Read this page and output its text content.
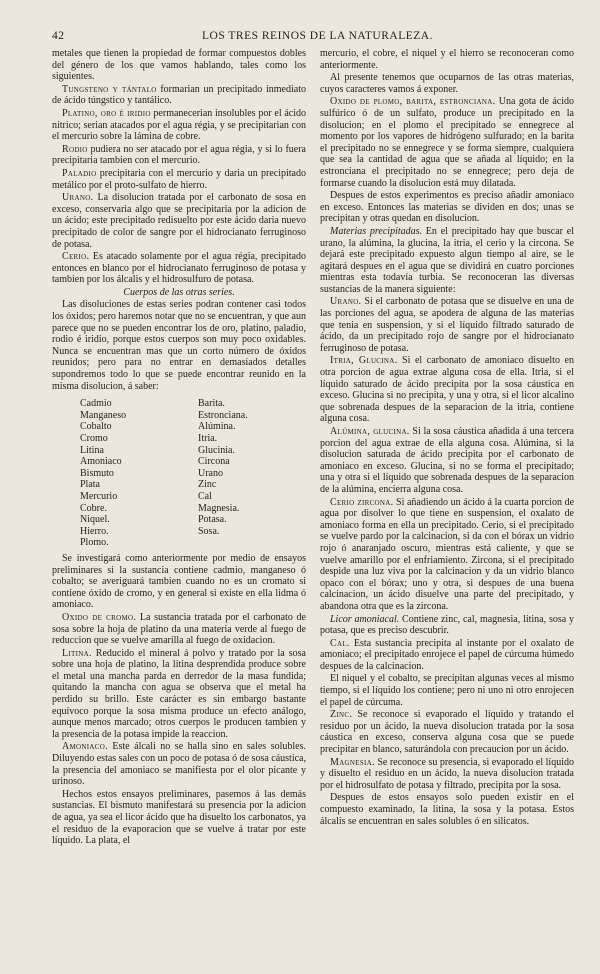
42	LOS TRES REINOS DE LA NATURALEZA.

metales que tienen la propiedad de formar compuestos dobles del género de los que vamos hablando, tales como los siguientes.

Tungsteno y tántalo formarian un precipitado inmediato de ácido túngstico y tantálico.

Platino, oro é iridio permanecerian insolubles por el ácido nítrico; serian atacados por el agua régia, y se precipitarian con el mercurio sobre la lámina de cobre.

Rodio pudiera no ser atacado por el agua régia, y si lo fuera precipitaria tambien con el mercurio.

Paladio precipitaria con el mercurio y daria un precipitado metálico por el proto-sulfato de hierro.

Urano. La disolucion tratada por el carbonato de sosa en exceso, conservaria algo que se precipitaria por la adicion de un ácido; este precipitado redisuelto por este ácido daria nuevo precipitado de color de sangre por el hidrocianato ferruginoso de potasa.

Cerio. Es atacado solamente por el agua régia, precipitado entonces en blanco por el hidrocianato ferruginoso de potasa y tambien por los álcalis y el hidrosulfuro de potasa.

Cuerpos de las otras series.

Las disoluciones de estas series podran contener casi todos los óxidos; pero haremos notar que no se encuentran, y que aun parece que no se pueden encontrar los de oro, platino, paladio, rodio é iridio, porque estos cuerpos son muy poco oxidables. Nunca se encuentran mas que un corto número de óxidos reunidos; pero para no entrar en demasiados detalles supondremos todo lo que se puede encontrar reunido en la misma disolucion, á saber:

Cadmio
Manganeso
Cobalto
Cromo
Litina
Amoniaco
Bismuto
Plata
Mercurio
Cobre.
Niquel.
Hierro.
Plomo.
Barita.
Estronciana.
Alúmina.
Itria.
Glucinia.
Circona
Urano
Zinc
Cal
Magnesia.
Potasa.
Sosa.

Se investigará como anteriormente por medio de ensayos preliminares si la sustancia contiene cadmio, manganeso ó cobalto; se averiguará tambien cuando no es un cromato si contiene óxido de cromo, y en general si existe en ella lidma ó amoniaco.

Oxido de cromo. La sustancia tratada por el carbonato de sosa sobre la hoja de platino da una materia verde al fuego de reduccion que se vuelve amarilla al fuego de oxidacion.

Litina. Reducido el mineral á polvo y tratado por la sosa sobre una hoja de platino, la litina desprendida produce sobre el metal una mancha parda en derredor de la masa fundida; quitando la mancha con agua se observa que el metal ha perdido su brillo. Este carácter es sin embargo bastante equívoco porque la sosa misma produce un efecto análogo, aunque menos marcado; otros cuerpos le producen tambien y la presencia de la potasa impide la reaccion.

Amoniaco. Este álcali no se halla sino en sales solubles. Diluyendo estas sales con un poco de potasa ó de sosa cáustica, la presencia del amoniaco se manifiesta por el olor picante y urinoso.

Hechos estos ensayos preliminares, pasemos á las demás sustancias. El bismuto manifestará su presencia por la adicion de agua, ya sea el licor ácido que ha disuelto los carbonatos, ya el residuo de la evaporacion que se vuelve á tratar por este líquido. La plata, el

mercurio, el cobre, el niquel y el hierro se reconoceran como anteriormente.

Al presente tenemos que ocuparnos de las otras materias, cuyos caracteres vamos á exponer.

Oxido de plomo, barita, estronciana. Una gota de ácido sulfúrico ó de un sulfato, produce un precipitado en la disolucion; en el plomo el precipitado se ennegrece al momento por los vapores de hidrógeno sulfurado; en la barita el precipitado no se ennegrece y se forma siempre, cualquiera que sea la cantidad de agua que se añada al líquido; en la estronciana el precipitado no se ennegrece; pero deja de formarse cuando la disolucion está muy dilatada.

Despues de estos experimentos es preciso añadir amoniaco en exceso. Entonces las materias se dividen en dos; unas se precipitan y otras quedan en disolucion.

Materias precipitadas. En el precipitado hay que buscar el urano, la alúmina, la glucina, la itria, el cerio y la circona. Se dejará este precipitado expuesto algun tiempo al aire, se le agitará despues en el agua que se dividirá en cuatro porciones mientras esta todavía turbia. Se reconoceran las diversas sustancias de la manera siguiente:

Urano. Si el carbonato de potasa que se disuelve en una de las porciones del agua, se apodera de alguna de las materias que tenia en suspension, y si el líquido filtrado saturado de ácido, da un precipitado rojo de sangre por el hidrocianato ferruginoso de potasa.

Itria, Glucina. Si el carbonato de amoniaco disuelto en otra porcion de agua extrae alguna cosa de ella. Itria, si el líquido saturado de ácido precipita por la sosa cáustica en exceso. Glucina si no precipita, y una y otra, si el licor alcalino que sobrenada despues de la separacion de la itria, contiene alguna cosa.

Alúmina, glucina. Si la sosa cáustica añadida á una tercera porcion del agua extrae de ella alguna cosa. Alúmina, si la disolucion saturada de ácido precipita por el carbonato de amoniaco en exceso. Glucina, si no se forma el precipitado; una y otra si el líquido que sobrenada despues de la separacion de la alúmina, encierra alguna cosa.

Cerio zircona. Si añadiendo un ácido á la cuarta porcion de agua por disolver lo que tiene en suspension, el oxalato de amoniaco forma en ella un precipitado. Cerio, si el precipitado se vuelve pardo por la calcinacion, si da con el bórax un vidrio rojo ó anaranjado oscuro, mientras está caliente, y que se vuelve amarillo por el enfriamiento. Zircona, si el precipitado despide una luz viva por la calcinacion y da un vidrio blanco opaco con el bórax; uno y otra, si despues de una buena calcinacion, un ácido disuelve una parte del precipitado, y abandona otra que es la zircona.

Licor amoniacal. Contiene zinc, cal, magnesia, litina, sosa y potasa, que es preciso descubrir.

Cal. Esta sustancia precipita al instante por el oxalato de amoniaco; el precipitado enrojece el papel de cúrcuma húmedo despues de la calcinacion.

El niquel y el cobalto, se precipitan algunas veces al mismo tiempo, si el líquido los contiene; pero ni uno ni otro enrojecen el papel de cúrcuma.

Zinc. Se reconoce si evaporado el líquido y tratando el residuo por un ácido, la nueva disolucion tratada por la sosa cáustica en exceso, conserva alguna cosa que se puede precipitar en blanco, saturándola con precaucion por un ácido.

Magnesia. Se reconoce su presencia, si evaporado el líquido y disuelto el residuo en un ácido, la nueva disolucion tratada por el hidrosulfato de potasa y filtrado, precipita por la sosa.

Despues de estos ensayos solo pueden existir en el compuesto examinado, la litina, la sosa y la potasa. Estos álcalis se encuentran en sales solubles ó en silicatos.
